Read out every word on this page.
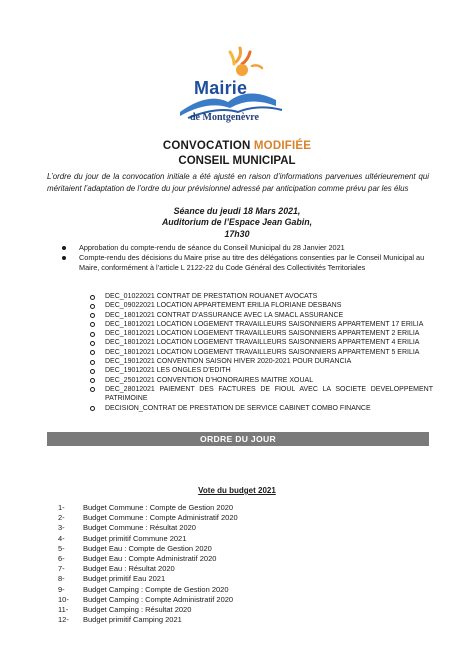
Mairie
de Montgenèvre
CONVOCATION MODIFIÉE
CONSEIL MUNICIPAL
L’ordre du jour de la convocation initiale a été ajusté en raison d’informations parvenues ultérieurement qui méritaient l’adaptation de l’ordre du jour prévisionnel adressé par anticipation comme prévu par les élus
Séance du jeudi 18 Mars 2021,
Auditorium de l’Espace Jean Gabin,
17h30
Approbation du compte-rendu de séance du Conseil Municipal du 28 Janvier 2021
Compte-rendu des décisions du Maire prise au titre des délégations consenties par le Conseil Municipal au Maire, conformément à l’article L 2122-22 du Code Général des Collectivités Territoriales
DEC_01022021 CONTRAT DE PRESTATION ROUANET AVOCATS
DEC_09022021 LOCATION APPARTEMENT ERILIA FLORIANE DESBANS
DEC_18012021 CONTRAT D’ASSURANCE AVEC LA SMACL ASSURANCE
DEC_18012021 LOCATION LOGEMENT TRAVAILLEURS SAISONNIERS APPARTEMENT 17 ERILIA
DEC_18012021 LOCATION LOGEMENT TRAVAILLEURS SAISONNIERS APPARTEMENT 2 ERILIA
DEC_18012021 LOCATION LOGEMENT TRAVAILLEURS SAISONNIERS APPARTEMENT 4 ERILIA
DEC_18012021 LOCATION LOGEMENT TRAVAILLEURS SAISONNIERS APPARTEMENT 5 ERILIA
DEC_19012021 CONVENTION SAISON HIVER 2020-2021 POUR DURANCIA
DEC_19012021 LES ONGLES D’EDITH
DEC_25012021 CONVENTION D’HONORAIRES MAITRE XOUAL
DEC_28012021 PAIEMENT DES FACTURES DE FIOUL AVEC LA SOCIETE DEVELOPPEMENT PATRIMOINE
DECISION_CONTRAT DE PRESTATION DE SERVICE CABINET COMBO FINANCE
ORDRE DU JOUR
Vote du budget 2021
1-	Budget Commune : Compte de Gestion 2020
2-	Budget Commune : Compte Administratif 2020
3-	Budget Commune : Résultat 2020
4-	Budget primitif Commune 2021
5-	Budget Eau : Compte de Gestion 2020
6-	Budget Eau : Compte Administratif 2020
7-	Budget Eau : Résultat 2020
8-	Budget primitif Eau 2021
9-	Budget Camping : Compte de Gestion 2020
10-	Budget Camping : Compte Administratif 2020
11-	Budget Camping : Résultat 2020
12-	Budget primitif Camping 2021
